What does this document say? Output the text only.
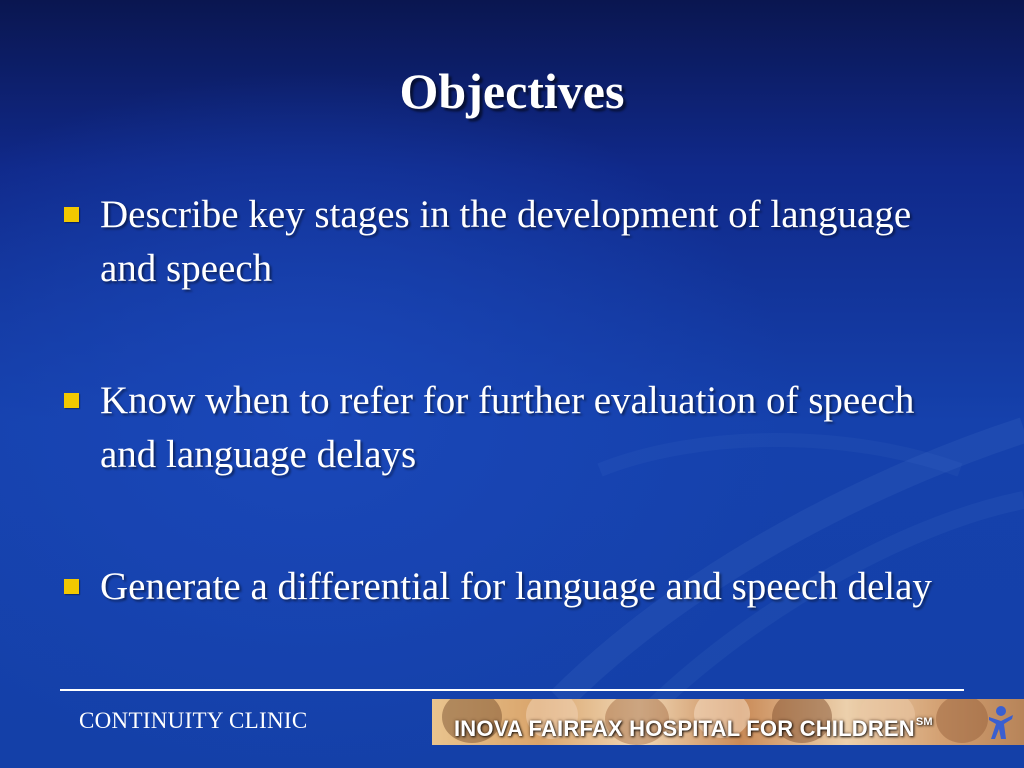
Objectives
Describe key stages in the development of language and speech
Know when to refer for further evaluation of speech and language delays
Generate a differential for language and speech delay
CONTINUITY CLINIC	INOVA FAIRFAX HOSPITAL FOR CHILDREN℠
